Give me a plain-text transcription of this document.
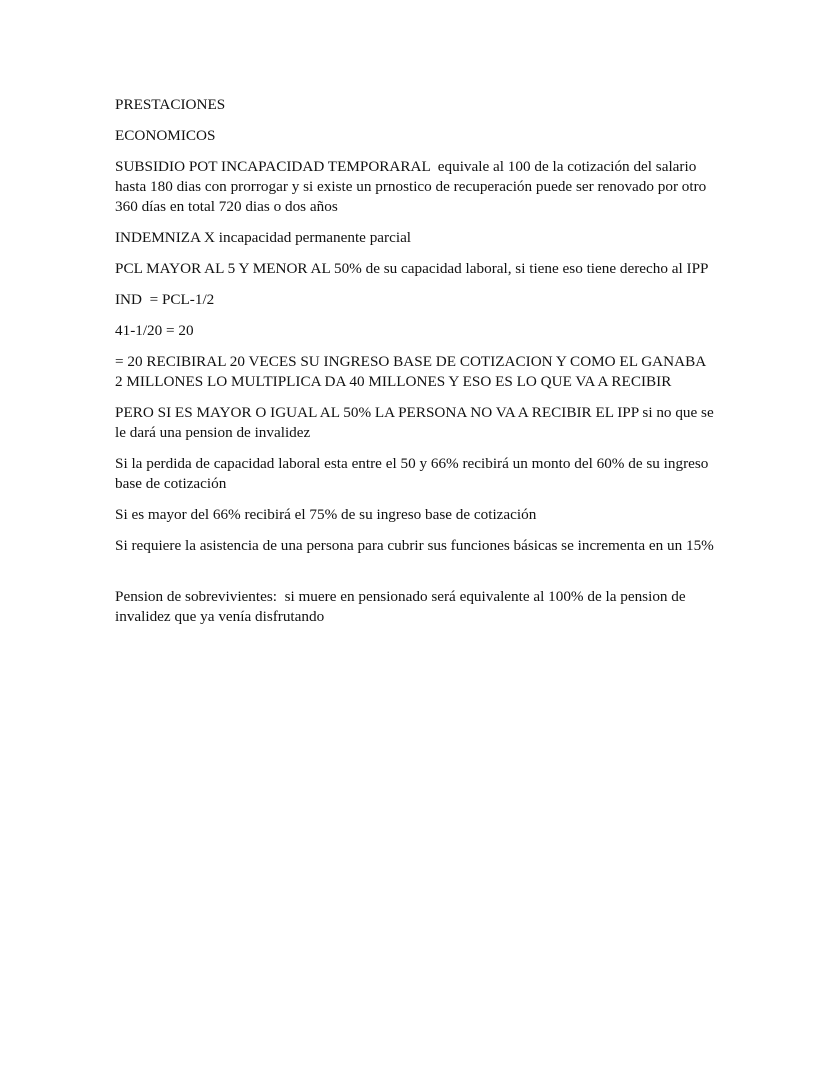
PRESTACIONES

ECONOMICOS

SUBSIDIO POT INCAPACIDAD TEMPORARAL  equivale al 100 de la cotización del salario  hasta 180 dias con prorrogar y si existe un prnostico de recuperación puede ser renovado por otro 360 días en total 720 dias o dos años

INDEMNIZA X incapacidad permanente parcial

PCL MAYOR AL 5 Y MENOR AL 50% de su capacidad laboral, si tiene eso tiene derecho al IPP

IND  = PCL-1/2

41-1/20 = 20

= 20 RECIBIRAL 20 VECES SU INGRESO BASE DE COTIZACION Y COMO EL GANABA 2 MILLONES LO MULTIPLICA DA 40 MILLONES Y ESO ES LO QUE VA A RECIBIR

PERO SI ES MAYOR O IGUAL AL 50% LA PERSONA NO VA A RECIBIR EL IPP si no que se le dará una pension de invalidez

Si la perdida de capacidad laboral esta entre el 50 y 66% recibirá un monto del 60% de su ingreso base de cotización

Si es mayor del 66% recibirá el 75% de su ingreso base de cotización

Si requiere la asistencia de una persona para cubrir sus funciones básicas se incrementa en un 15%

Pension de sobrevivientes:  si muere en pensionado será equivalente al 100% de la pension de invalidez que ya venía disfrutando
